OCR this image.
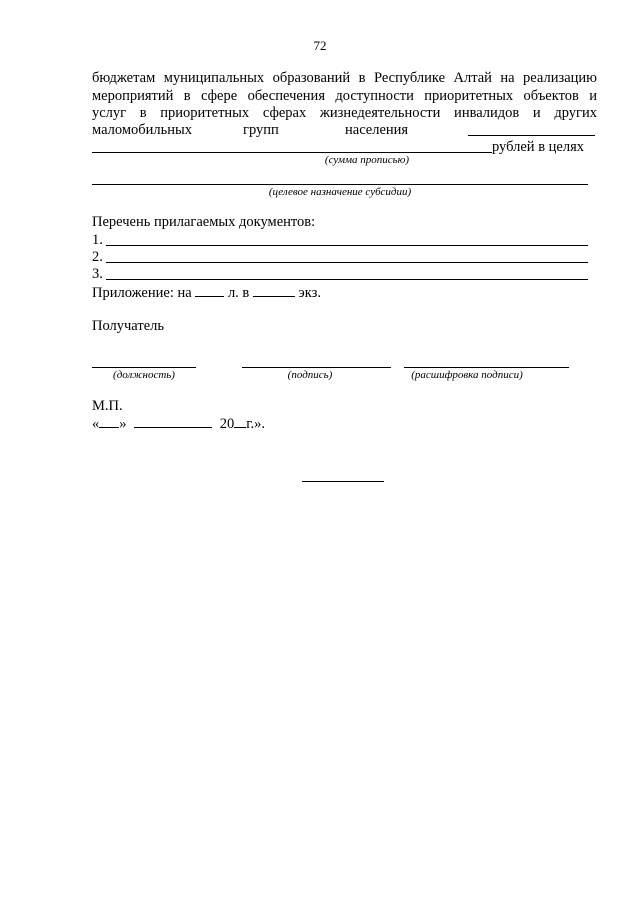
72
бюджетам муниципальных образований в Республике Алтай на реализацию
мероприятий в сфере обеспечения доступности приоритетных объектов и
услуг в приоритетных сферах жизнедеятельности инвалидов и других
маломобильных	групп	населения
рублей в целях
(сумма прописью)
(целевое назначение субсидии)
Перечень прилагаемых документов:
1.
2.
3.
Приложение: на	л. в	экз.
Получатель
(должность)	(подпись)	(расшифровка подписи)
М.П.
« »	20 г.».
